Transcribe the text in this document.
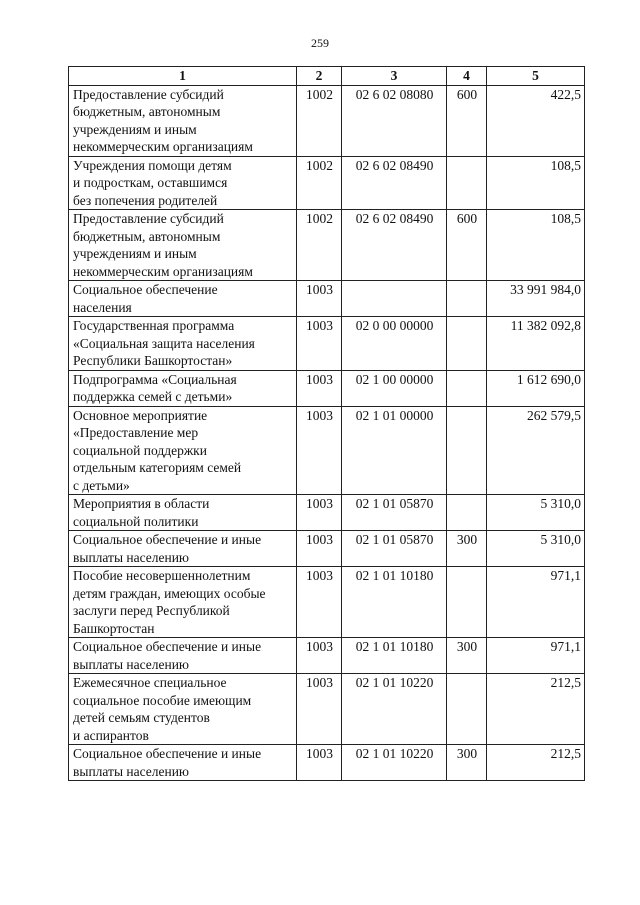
259
1	2	3	4	5
Предоставление субсидий
бюджетным, автономным
учреждениям и иным
некоммерческим организациям	1002	02 6 02 08080	600	422,5
Учреждения помощи детям
и подросткам, оставшимся
без попечения родителей	1002	02 6 02 08490		108,5
Предоставление субсидий
бюджетным, автономным
учреждениям и иным
некоммерческим организациям	1002	02 6 02 08490	600	108,5
Социальное обеспечение
населения	1003			33 991 984,0
Государственная программа
«Социальная защита населения
Республики Башкортостан»	1003	02 0 00 00000		11 382 092,8
Подпрограмма «Социальная
поддержка семей с детьми»	1003	02 1 00 00000		1 612 690,0
Основное мероприятие
«Предоставление мер
социальной поддержки
отдельным категориям семей
с детьми»	1003	02 1 01 00000		262 579,5
Мероприятия в области
социальной политики	1003	02 1 01 05870		5 310,0
Социальное обеспечение и иные
выплаты населению	1003	02 1 01 05870	300	5 310,0
Пособие несовершеннолетним
детям граждан, имеющих особые
заслуги перед Республикой
Башкортостан	1003	02 1 01 10180		971,1
Социальное обеспечение и иные
выплаты населению	1003	02 1 01 10180	300	971,1
Ежемесячное специальное
социальное пособие имеющим
детей семьям студентов
и аспирантов	1003	02 1 01 10220		212,5
Социальное обеспечение и иные
выплаты населению	1003	02 1 01 10220	300	212,5
